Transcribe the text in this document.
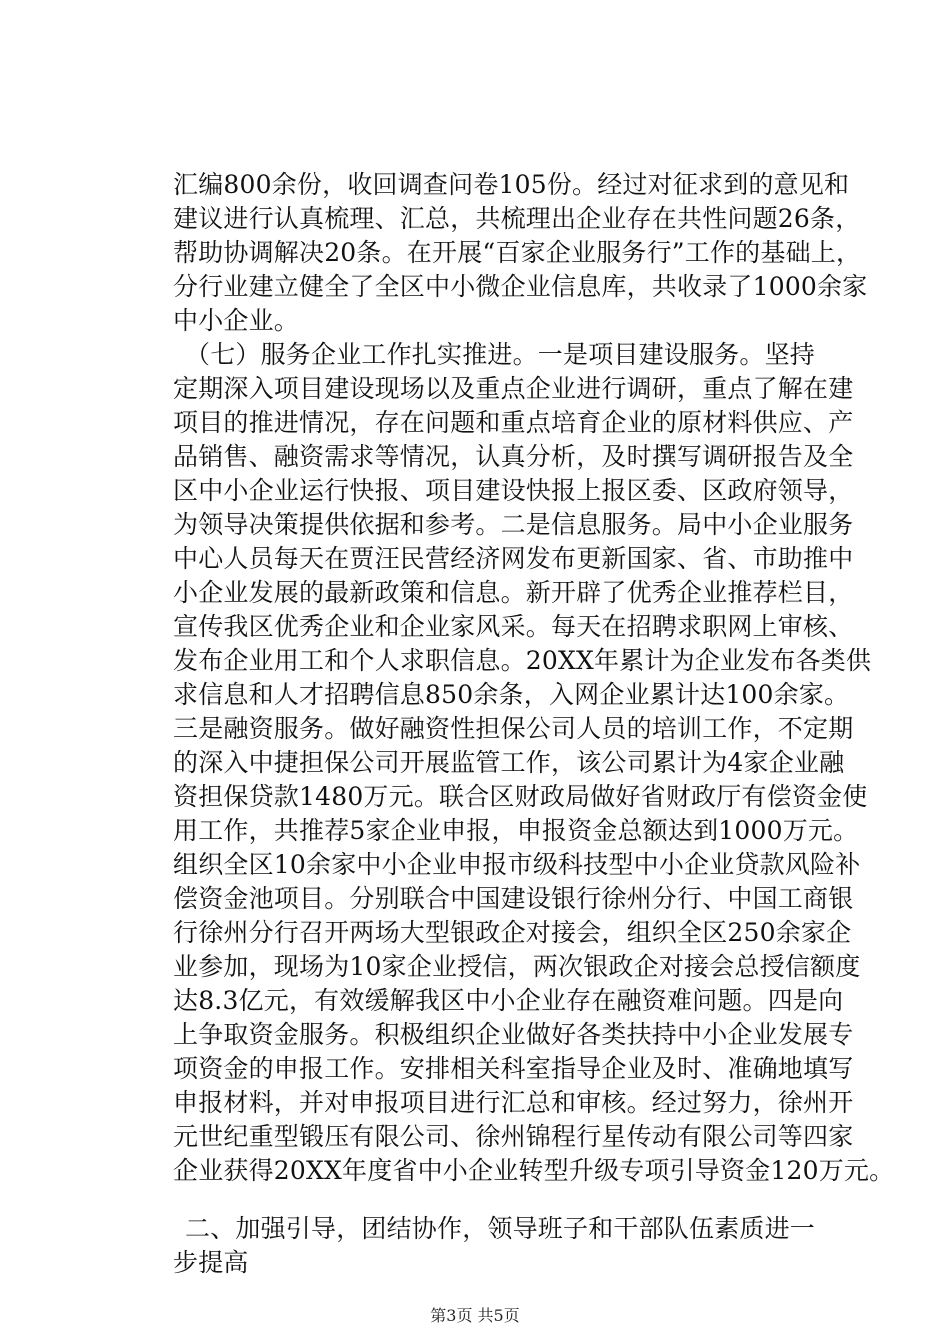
汇编800余份，收回调查问卷105份。经过对征求到的意见和
建议进行认真梳理、汇总，共梳理出企业存在共性问题26条，
帮助协调解决20条。在开展“百家企业服务行”工作的基础上，
分行业建立健全了全区中小微企业信息库，共收录了1000余家
中小企业。
（七）服务企业工作扎实推进。一是项目建设服务。坚持
定期深入项目建设现场以及重点企业进行调研，重点了解在建
项目的推进情况，存在问题和重点培育企业的原材料供应、产
品销售、融资需求等情况，认真分析，及时撰写调研报告及全
区中小企业运行快报、项目建设快报上报区委、区政府领导，
为领导决策提供依据和参考。二是信息服务。局中小企业服务
中心人员每天在贾汪民营经济网发布更新国家、省、市助推中
小企业发展的最新政策和信息。新开辟了优秀企业推荐栏目，
宣传我区优秀企业和企业家风采。每天在招聘求职网上审核、
发布企业用工和个人求职信息。20XX年累计为企业发布各类供
求信息和人才招聘信息850余条，入网企业累计达100余家。
三是融资服务。做好融资性担保公司人员的培训工作，不定期
的深入中捷担保公司开展监管工作，该公司累计为4家企业融
资担保贷款1480万元。联合区财政局做好省财政厅有偿资金使
用工作，共推荐5家企业申报，申报资金总额达到1000万元。
组织全区10余家中小企业申报市级科技型中小企业贷款风险补
偿资金池项目。分别联合中国建设银行徐州分行、中国工商银
行徐州分行召开两场大型银政企对接会，组织全区250余家企
业参加，现场为10家企业授信，两次银政企对接会总授信额度
达8.3亿元，有效缓解我区中小企业存在融资难问题。四是向
上争取资金服务。积极组织企业做好各类扶持中小企业发展专
项资金的申报工作。安排相关科室指导企业及时、准确地填写
申报材料，并对申报项目进行汇总和审核。经过努力，徐州开
元世纪重型锻压有限公司、徐州锦程行星传动有限公司等四家
企业获得20XX年度省中小企业转型升级专项引导资金120万元。
二、加强引导，团结协作，领导班子和干部队伍素质进一
步提高
第3页 共5页
